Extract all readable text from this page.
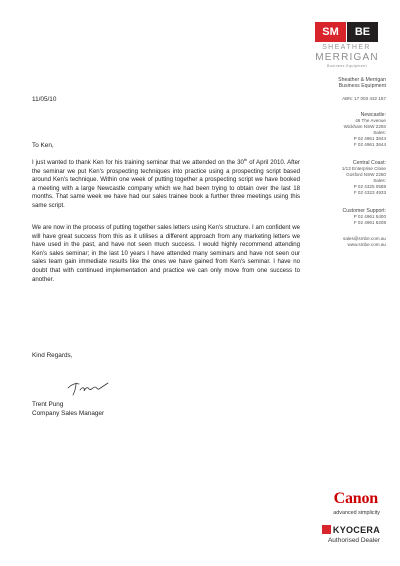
SM	BE
SHEATHER
MERRIGAN
Business Equipment
Sheather & Merrigan
Business Equipment
ABN: 17 003 432 157
Newcastle:
46 The Avenue
Wickham NSW 2293
Sales:
P 02 4961 3844
F 02 4961 3644
Central Coast:
1/13 Enterprise Close
Gosford NSW 2250
Sales:
P 02 4325 0588
F 02 4323 4933
Customer Support:
P 02 4961 5400
F 02 4961 6208
sales@smbe.com.au
www.smbe.com.au
11/05/10
To Ken,

I just wanted to thank Ken for his training seminar that we attended on the 30th of April 2010. After the seminar we put Ken's prospecting techniques into practice using a prospecting script based around Ken's technique. Within one week of putting together a prospecting script we have booked a meeting with a large Newcastle company which we had been trying to obtain over the last 18 months. That same week we have had our sales trainee book a further three meetings using this same script.

We are now in the process of putting together sales letters using Ken's structure. I am confident we will have great success from this as it utilises a different approach from any marketing letters we have used in the past, and have not seen much success. I would highly recommend attending Ken's sales seminar; in the last 10 years I have attended many seminars and have not seen our sales team gain immediate results like the ones we have gained from Ken's seminar. I have no doubt that with continued implementation and practice we can only move from one success to another.

Kind Regards,
Trent Pung
Company Sales Manager
Canon
advanced simplicity
KYOCERA
Authorised Dealer
